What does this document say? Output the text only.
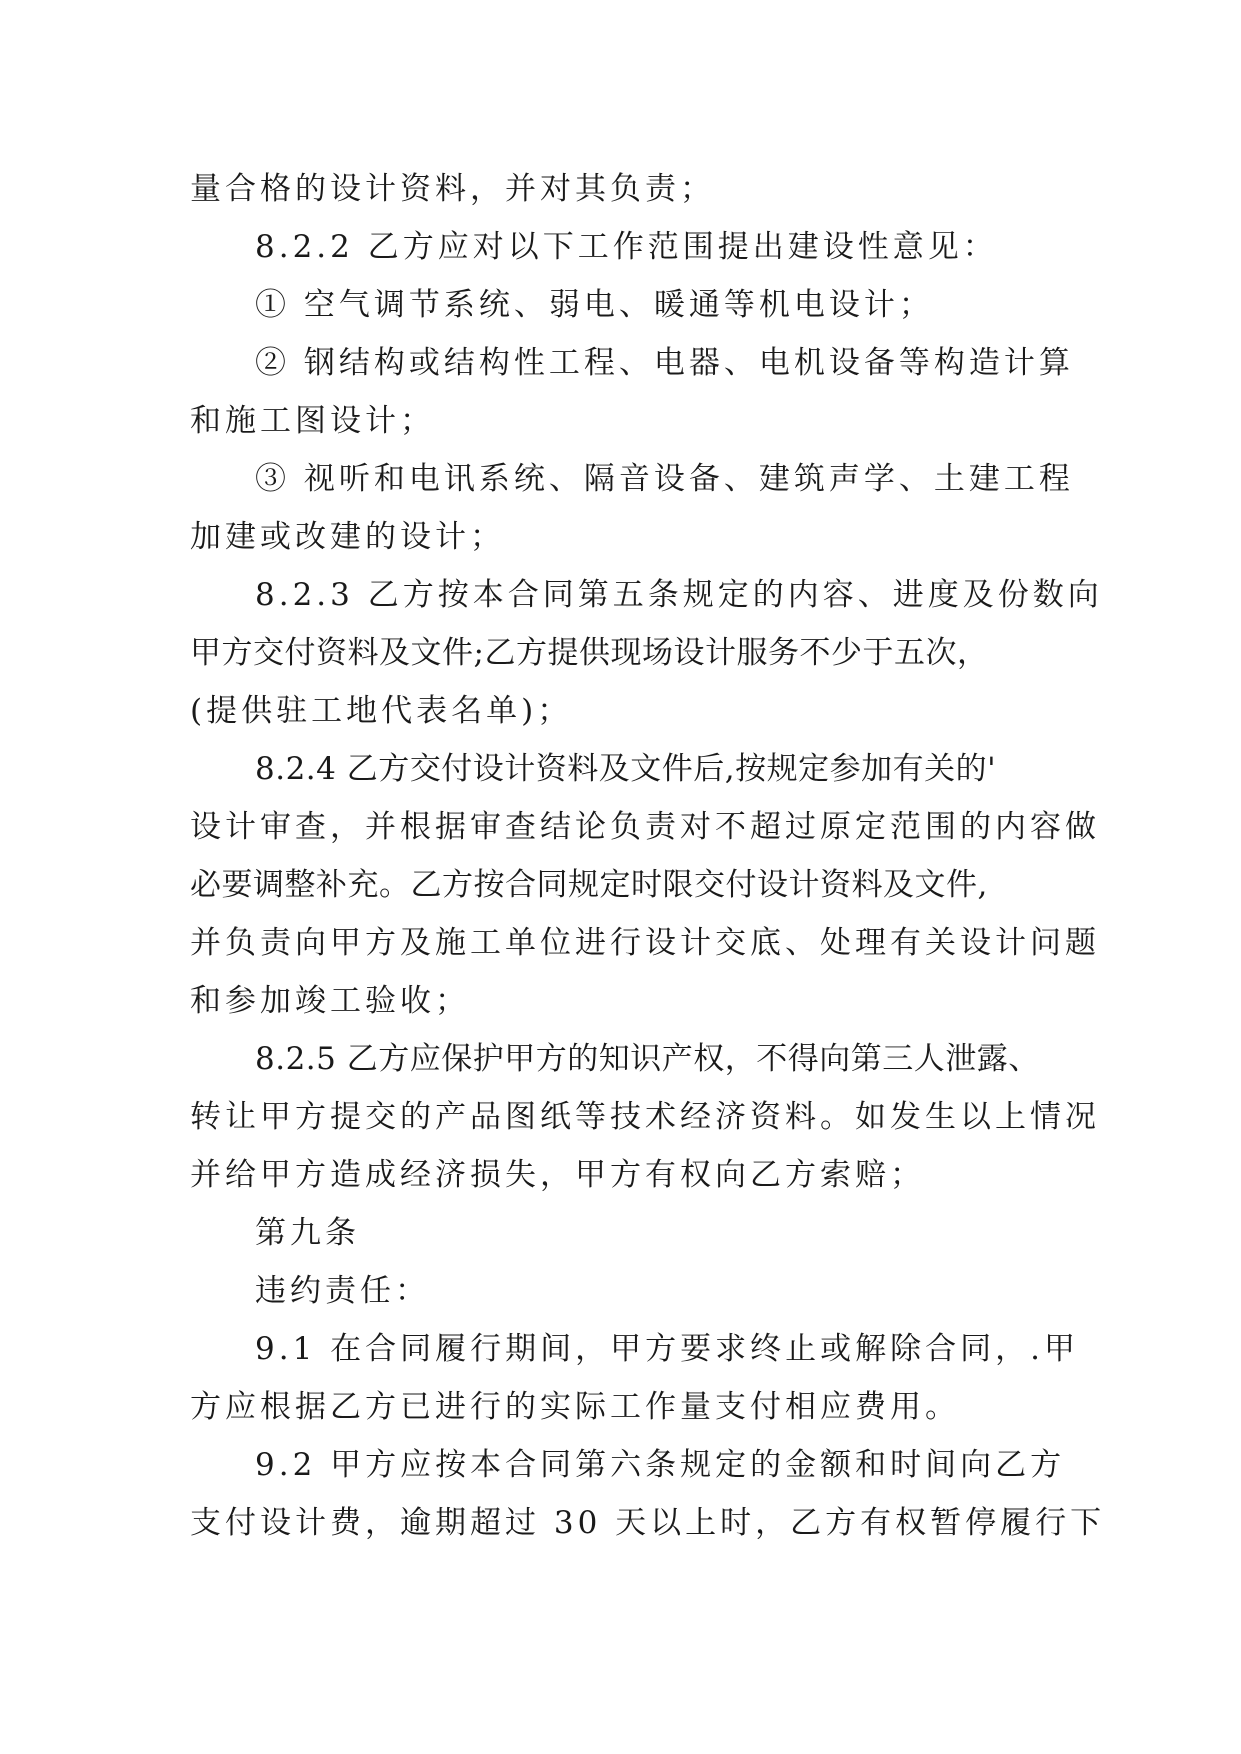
量合格的设计资料，并对其负责；
8.2.2 乙方应对以下工作范围提出建设性意见：
① 空气调节系统、弱电、暖通等机电设计；
② 钢结构或结构性工程、电器、电机设备等构造计算
和施工图设计；
③ 视听和电讯系统、隔音设备、建筑声学、土建工程
加建或改建的设计；
8.2.3 乙方按本合同第五条规定的内容、进度及份数向
甲方交付资料及文件;乙方提供现场设计服务不少于五次，
(提供驻工地代表名单)；
8.2.4 乙方交付设计资料及文件后,按规定参加有关的'
设计审查，并根据审查结论负责对不超过原定范围的内容做
必要调整补充。乙方按合同规定时限交付设计资料及文件,
并负责向甲方及施工单位进行设计交底、处理有关设计问题
和参加竣工验收；
8.2.5 乙方应保护甲方的知识产权，不得向第三人泄露、
转让甲方提交的产品图纸等技术经济资料。如发生以上情况
并给甲方造成经济损失，甲方有权向乙方索赔；
第九条
违约责任：
9.1 在合同履行期间，甲方要求终止或解除合同，.甲
方应根据乙方已进行的实际工作量支付相应费用。
9.2 甲方应按本合同第六条规定的金额和时间向乙方
支付设计费，逾期超过 30 天以上时，乙方有权暂停履行下
